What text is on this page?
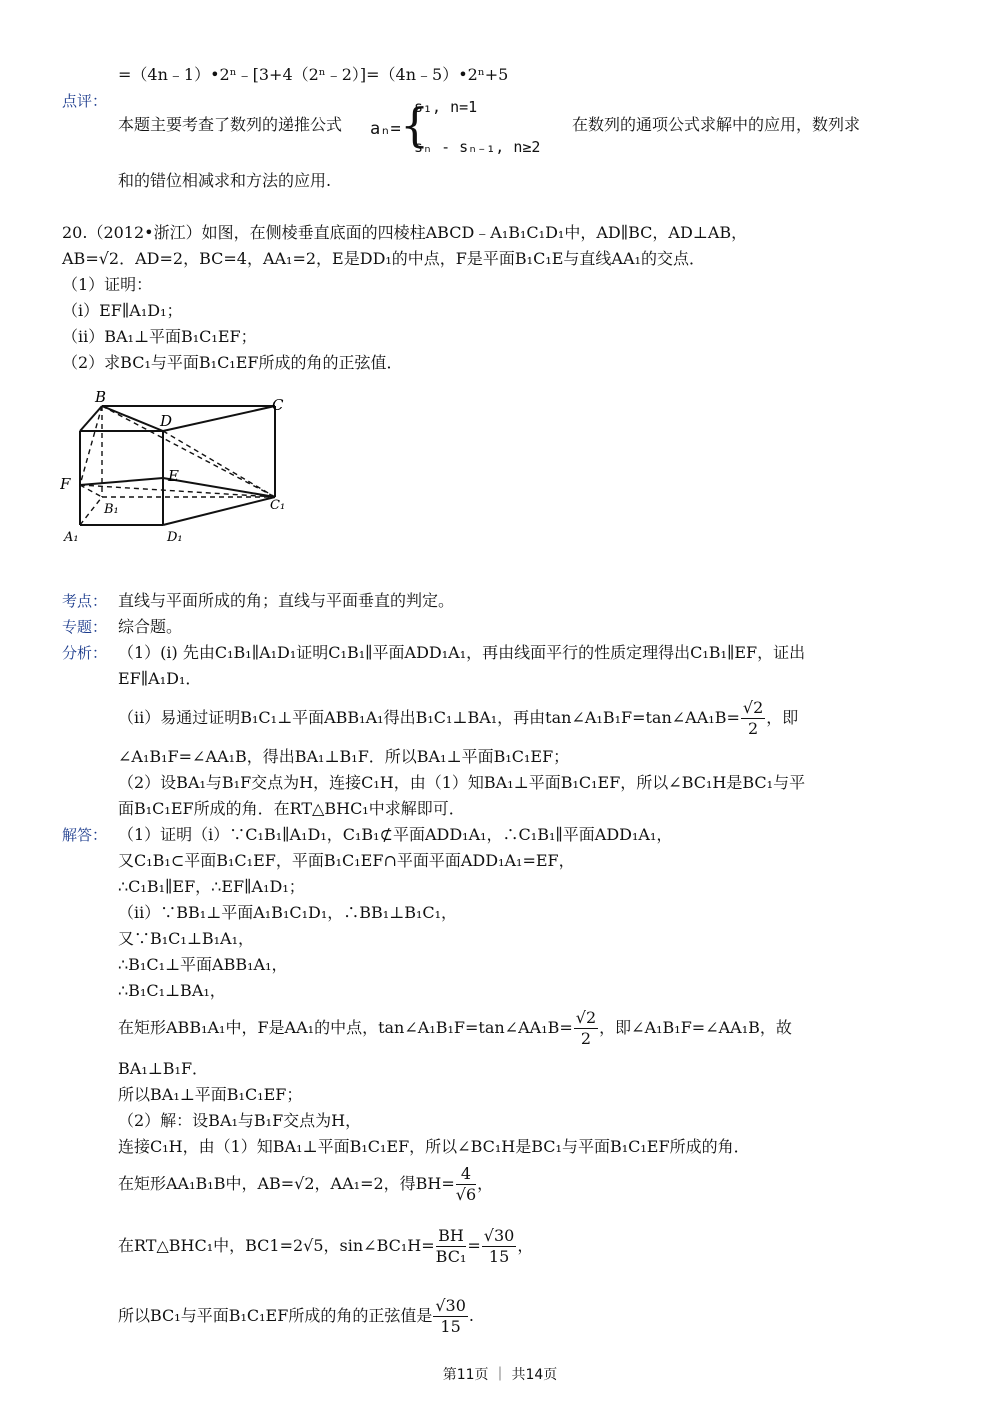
=（4n﹣1）•2ⁿ﹣[3+4（2ⁿ﹣2）]=（4n﹣5）•2ⁿ+5
点评：
本题主要考查了数列的递推公式 aₙ= {
s₁, n=1
sₙ - sₙ₋₁, n≥2
在数列的通项公式求解中的应用，数列求
和的错位相减求和方法的应用.
20.（2012•浙江）如图，在侧棱垂直底面的四棱柱ABCD﹣A₁B₁C₁D₁中，AD∥BC，AD⊥AB，
AB=√2．AD=2，BC=4，AA₁=2，E是DD₁的中点，F是平面B₁C₁E与直线AA₁的交点．
（1）证明：
（i）EF∥A₁D₁；
（ii）BA₁⊥平面B₁C₁EF；
（2）求BC₁与平面B₁C₁EF所成的角的正弦值．
B
D
C
F	E
B₁	C₁
A₁	D₁
考点： 直线与平面所成的角；直线与平面垂直的判定。
专题： 综合题。
分析： （1）(i) 先由C₁B₁∥A₁D₁证明C₁B₁∥平面ADD₁A₁，再由线面平行的性质定理得出C₁B₁∥EF，证出
EF∥A₁D₁．
（ii）易通过证明B₁C₁⊥平面ABB₁A₁得出B₁C₁⊥BA₁，再由tan∠A₁B₁F=tan∠AA₁B= $\frac{√2}{2}$ ，即
∠A₁B₁F=∠AA₁B，得出BA₁⊥B₁F．所以BA₁⊥平面B₁C₁EF；
（2）设BA₁与B₁F交点为H，连接C₁H，由（1）知BA₁⊥平面B₁C₁EF，所以∠BC₁H是BC₁与平
面B₁C₁EF所成的角．在RT△BHC₁中求解即可．
解答： （1）证明（i）∵C₁B₁∥A₁D₁，C₁B₁⊄平面ADD₁A₁，∴C₁B₁∥平面ADD₁A₁，
又C₁B₁⊂平面B₁C₁EF，平面B₁C₁EF∩平面平面ADD₁A₁=EF，
∴C₁B₁∥EF，∴EF∥A₁D₁；
（ii）∵BB₁⊥平面A₁B₁C₁D₁，∴BB₁⊥B₁C₁，
又∵B₁C₁⊥B₁A₁，
∴B₁C₁⊥平面ABB₁A₁，
∴B₁C₁⊥BA₁，
在矩形ABB₁A₁中，F是AA₁的中点，tan∠A₁B₁F=tan∠AA₁B= $\frac{√2}{2}$ ，即∠A₁B₁F=∠AA₁B，故
BA₁⊥B₁F．
所以BA₁⊥平面B₁C₁EF；
（2）解：设BA₁与B₁F交点为H，
连接C₁H，由（1）知BA₁⊥平面B₁C₁EF，所以∠BC₁H是BC₁与平面B₁C₁EF所成的角．
在矩形AA₁B₁B中，AB=√2，AA₁=2，得$BH= \frac{4}{√6}$ ，
在RT△BHC₁中，BC1=2√5，sin∠BC₁H= $\frac{BH}{\text{BC₁}} = \frac{√30}{15}$ ，
所以BC₁与平面B₁C₁EF所成的角的正弦值是 $\frac{√30}{15}$ .
第11页 ｜ 共14页
